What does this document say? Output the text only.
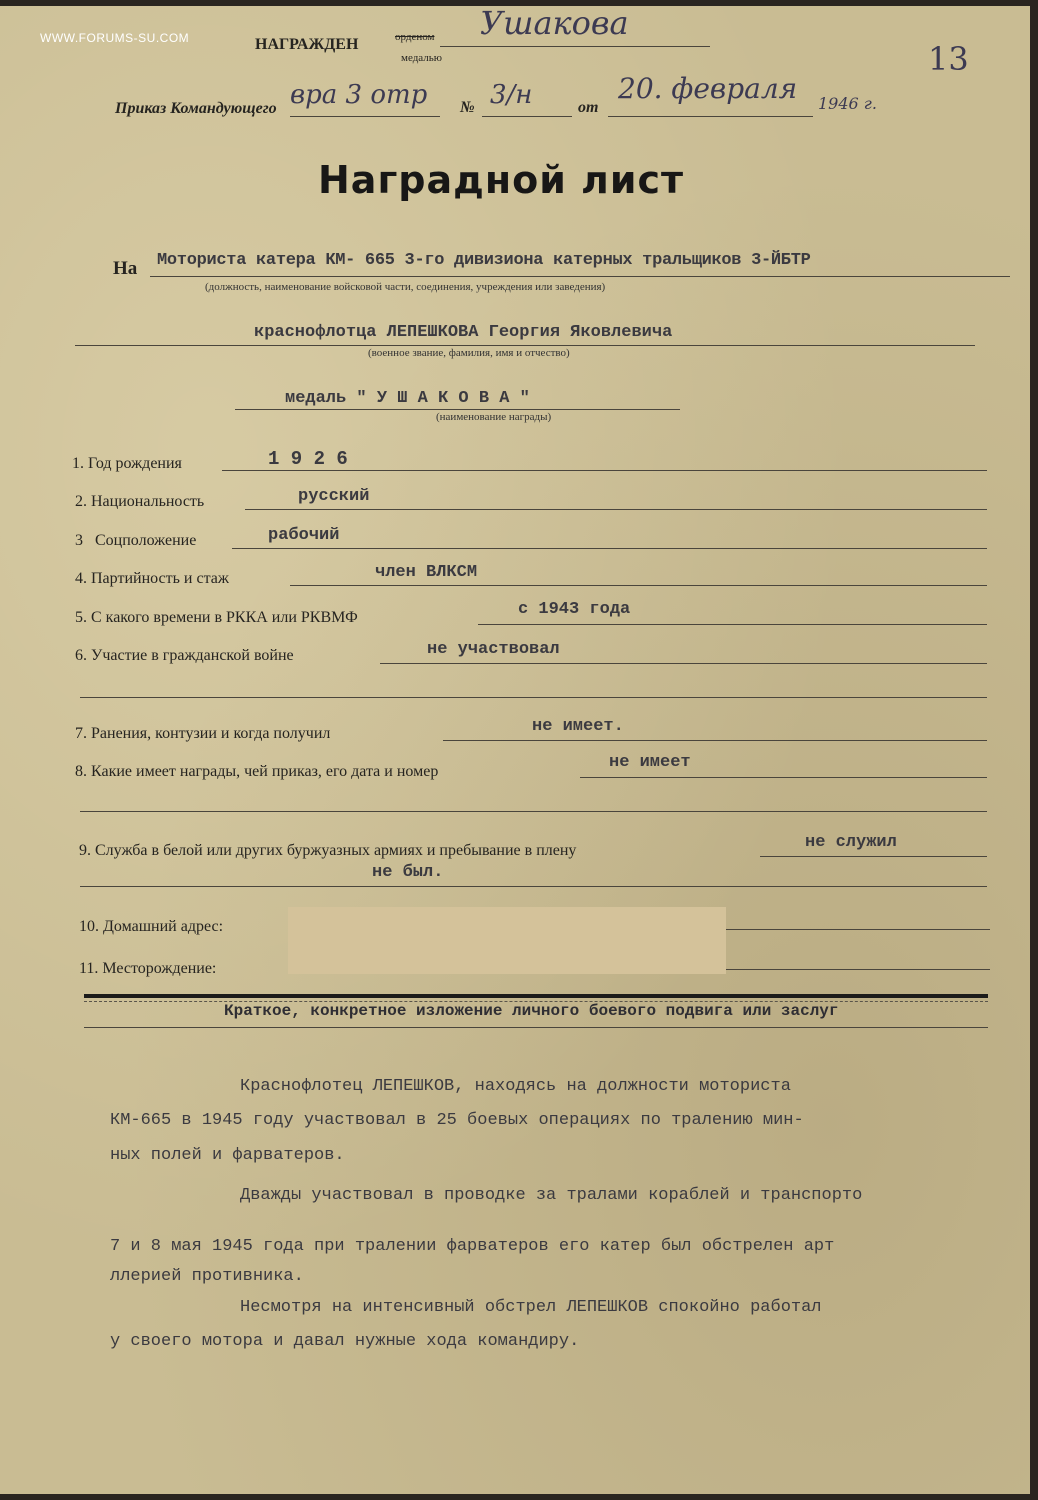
WWW.FORUMS-SU.COM
13
НАГРАЖДЕН	орденом
медалью
Ушакова
Приказ Командующего вра 3 отр № 3/н	от
20. февраля 1946 г.
Наградной лист
На Моториста катера КМ- 665 3-го дивизиона катерных тральщиков 3-ЙБТР
(должность, наименование войсковой части, соединения, учреждения или заведения)
краснофлотца ЛЕПЕШКОВА Георгия Яковлевича
(военное звание, фамилия, имя и отчество)
медаль " У Ш А К О В А "
(наименование награды)
1. Год рождения	1 9 2 6
2. Национальность	русский
3 Соцположение	рабочий
4. Партийность и стаж	член ВЛКСМ
5. С какого времени в РККА или РКВМФ	с 1943 года
6. Участие в гражданской войне	не участвовал
7. Ранения, контузии и когда получил	не имеет.
8. Какие имеет награды, чей приказ, его дата и номер	не имеет
9. Служба в белой или других буржуазных армиях и пребывание в плену	не служил
не был.
10. Домашний адрес:
11. Месторождение:
Краткое, конкретное изложение личного боевого подвига или заслуг
Краснофлотец ЛЕПЕШКОВ, находясь на должности моториста
КМ-665 в 1945 году участвовал в 25 боевых операциях по тралению мин-
ных полей и фарватеров.
Дважды участвовал в проводке за тралами кораблей и транспорто
7 и 8 мая 1945 года при тралении фарватеров его катер был обстрелен арт
ллерией противника.
Несмотря на интенсивный обстрел ЛЕПЕШКОВ спокойно работал
у своего мотора и давал нужные хода командиру.
